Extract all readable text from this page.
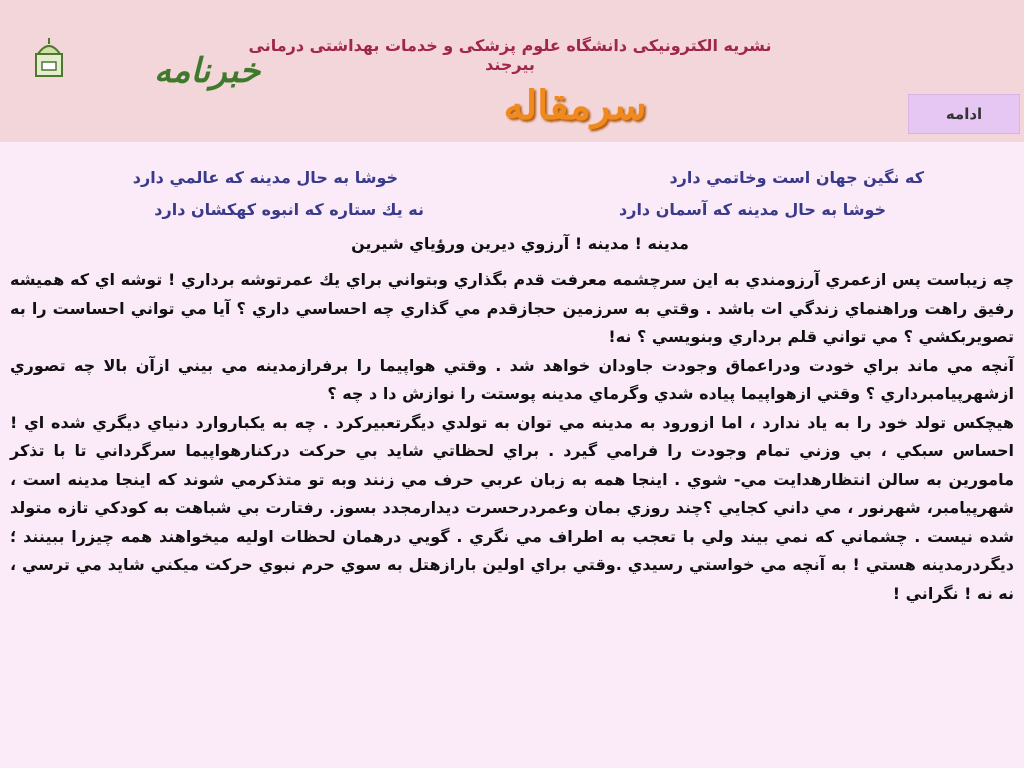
خبرنامه
نشريه الكترونيكی دانشگاه علوم پزشكی و خدمات بهداشتی درمانی بيرجند
سرمقاله	ادامه
که نگين جهان است وخاتمي دارد
خوشا به حال مدينه که عالمي دارد
خوشا به حال مدينه که آسمان دارد
نه يك ستاره که انبوه کهکشان دارد
مدينه ! مدينه ! آرزوي ديرين ورؤياي شيرين

چه زيباست پس ازعمري آرزومندي به اين سرچشمه معرفت قدم بگذاري وبتواني براي يك عمرتوشه برداري ! توشه اي که هميشه رفيق راهت وراهنماي زندگي ات باشد . وقتي به سرزمين حجازقدم مي گذاري چه احساسي داري ؟ آيا مي تواني احساست را به تصويربکشي ؟ مي تواني قلم برداري وبنويسي ؟ نه!

آنچه مي ماند براي خودت ودراعماق وجودت جاودان خواهد شد . وقتي هواپيما را برفرازمدينه مي بيني ازآن بالا چه تصوري ازشهرپيامبرداري ؟ وقتي ازهواپيما پياده شدي وگرماي مدينه پوستت را نوازش دا د چه ؟

هيچکس تولد خود را به ياد ندارد ، اما ازورود به مدينه مي توان به تولدي ديگرتعبيرکرد . چه به يکباروارد دنياي ديگري شده اي ! احساس سبکي ، بي وزني تمام وجودت را فرامي گيرد . براي لحظاتي شايد بي حرکت درکنارهواپيما سرگرداني تا با تذکر مامورين به سالن انتظارهدايت مي- شوي . اينجا همه به زبان عربي حرف مي زنند وبه تو متذکرمي شوند که اينجا مدينه است ، شهرپيامبر، شهرنور ، مي داني کجايي ؟چند روزي بمان وعمردرحسرت ديدارمجدد بسوز. رفتارت بي شباهت به کودکي تازه متولد شده نيست . چشماني که نمي بيند ولي با تعجب به اطراف مي نگري . گويي درهمان لحظات اوليه ميخواهند همه چيزرا ببينند ؛ ديگردرمدينه هستي ! به آنچه مي خواستي رسيدي .وقتي براي اولين بارازهتل به سوي حرم نبوي حرکت ميکني شايد مي ترسي ، نه نه ! نگراني !
